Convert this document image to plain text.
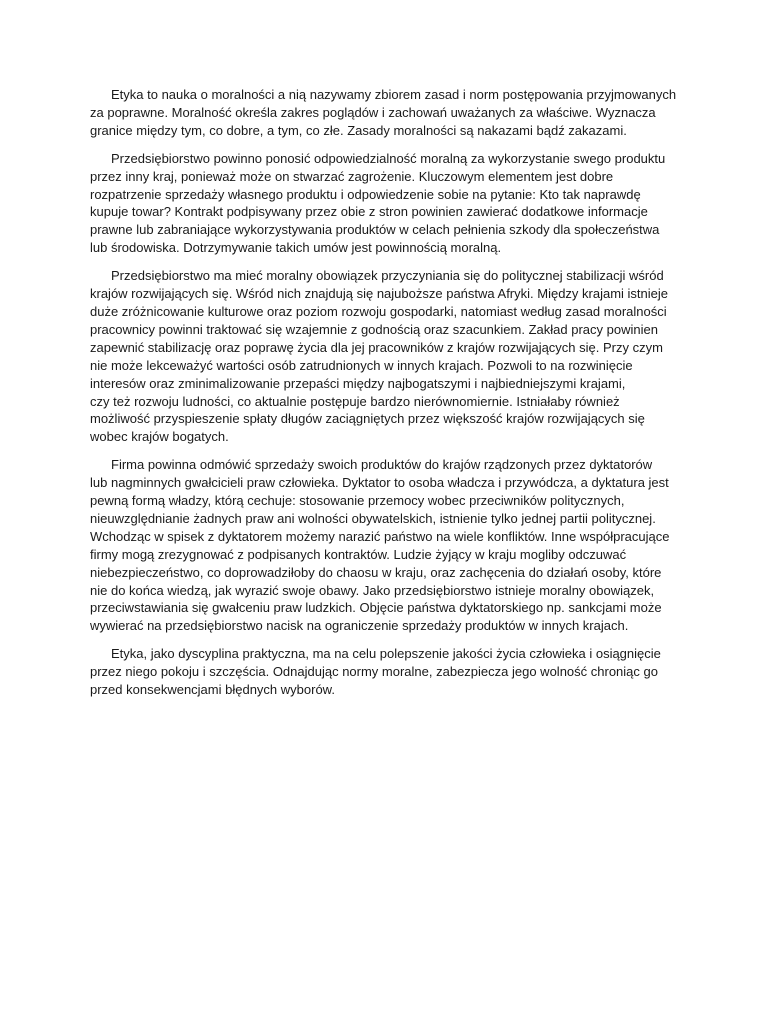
Etyka to nauka o moralności a nią nazywamy zbiorem zasad i norm postępowania przyjmowanych
za poprawne. Moralność określa zakres poglądów i zachowań uważanych za właściwe. Wyznacza
granice między tym, co dobre, a tym, co złe. Zasady moralności są nakazami bądź zakazami.
Przedsiębiorstwo powinno ponosić odpowiedzialność moralną za wykorzystanie swego produktu
przez inny kraj, ponieważ może on stwarzać zagrożenie. Kluczowym elementem jest dobre
rozpatrzenie sprzedaży własnego produktu i odpowiedzenie sobie na pytanie: Kto tak naprawdę
kupuje towar? Kontrakt podpisywany przez obie z stron powinien zawierać dodatkowe informacje
prawne lub zabraniające wykorzystywania produktów w celach pełnienia szkody dla społeczeństwa
lub środowiska. Dotrzymywanie takich umów jest powinnością moralną.
Przedsiębiorstwo ma mieć moralny obowiązek przyczyniania się do politycznej stabilizacji wśród
krajów rozwijających się. Wśród nich znajdują się najuboższe państwa Afryki. Między krajami istnieje
duże zróżnicowanie kulturowe oraz poziom rozwoju gospodarki, natomiast według zasad moralności
pracownicy powinni traktować się wzajemnie z godnością oraz szacunkiem. Zakład pracy powinien
zapewnić stabilizację oraz poprawę życia dla jej pracowników z krajów rozwijających się. Przy czym
nie może lekceważyć wartości osób zatrudnionych w innych krajach. Pozwoli to na rozwinięcie
interesów oraz zminimalizowanie przepaści między najbogatszymi i najbiedniejszymi krajami,
czy też rozwoju ludności, co aktualnie postępuje bardzo nierównomiernie. Istniałaby również
możliwość przyspieszenie spłaty długów zaciągniętych przez większość krajów rozwijających się
wobec krajów bogatych.
Firma powinna odmówić sprzedaży swoich produktów do krajów rządzonych przez dyktatorów
lub nagminnych gwałcicieli praw człowieka. Dyktator to osoba władcza i przywódcza, a dyktatura jest
pewną formą władzy, którą cechuje: stosowanie przemocy wobec przeciwników politycznych,
nieuwzględnianie żadnych praw ani wolności obywatelskich, istnienie tylko jednej partii politycznej.
Wchodząc w spisek z dyktatorem możemy narazić państwo na wiele konfliktów. Inne współpracujące
firmy mogą zrezygnować z podpisanych kontraktów. Ludzie żyjący w kraju mogliby odczuwać
niebezpieczeństwo, co doprowadziłoby do chaosu w kraju, oraz zachęcenia do działań osoby, które
nie do końca wiedzą, jak wyrazić swoje obawy. Jako przedsiębiorstwo istnieje moralny obowiązek,
przeciwstawiania się gwałceniu praw ludzkich. Objęcie państwa dyktatorskiego np. sankcjami może
wywierać na przedsiębiorstwo nacisk na ograniczenie sprzedaży produktów w innych krajach.
Etyka, jako dyscyplina praktyczna, ma na celu polepszenie jakości życia człowieka i osiągnięcie
przez niego pokoju i szczęścia. Odnajdując normy moralne, zabezpiecza jego wolność chroniąc go
przed konsekwencjami błędnych wyborów.
